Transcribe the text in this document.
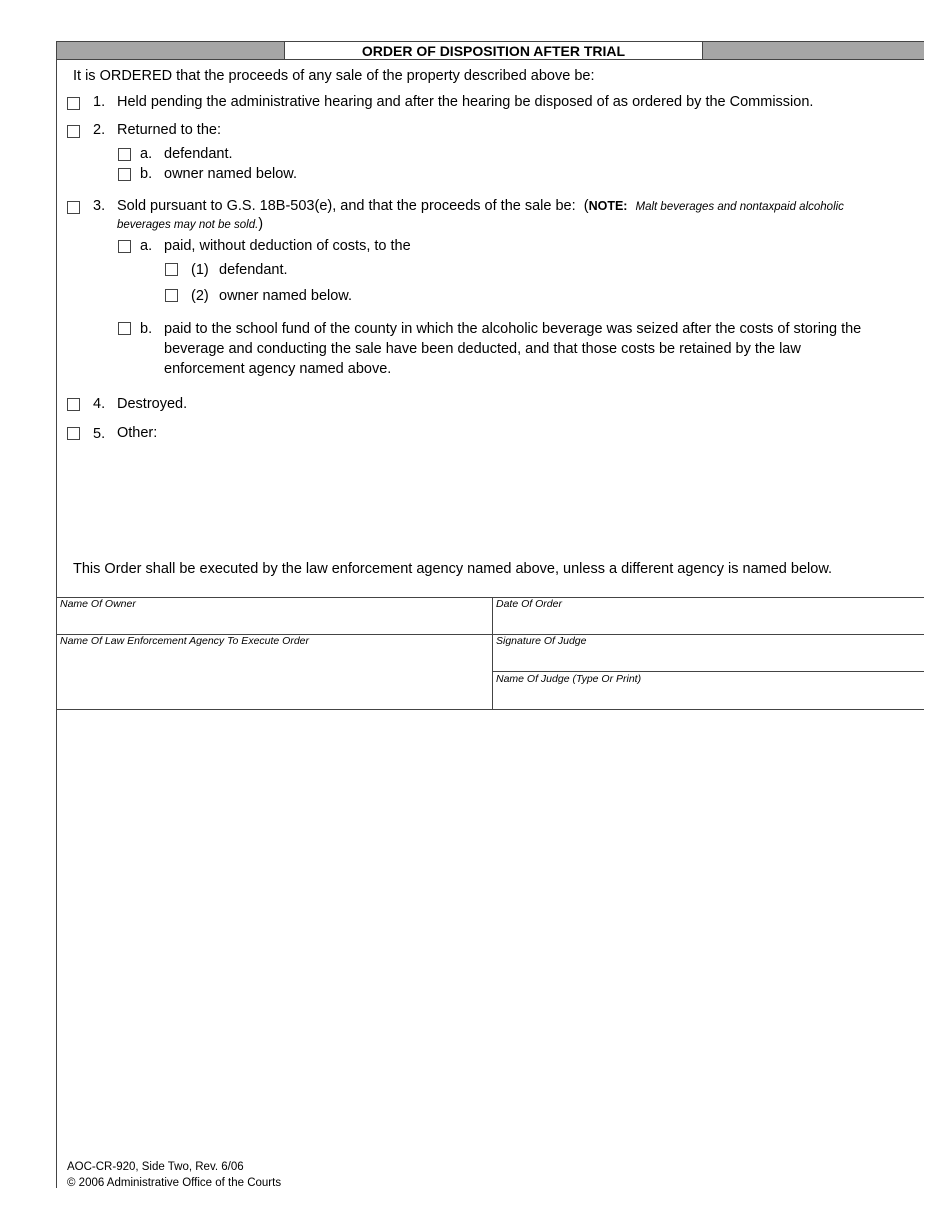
ORDER OF DISPOSITION AFTER TRIAL
It is ORDERED that the proceeds of any sale of the property described above be:
1. Held pending the administrative hearing and after the hearing be disposed of as ordered by the Commission.
2. Returned to the:
a. defendant.
b. owner named below.
3. Sold pursuant to G.S. 18B-503(e), and that the proceeds of the sale be: (NOTE: Malt beverages and nontaxpaid alcoholic
beverages may not be sold.)
a. paid, without deduction of costs, to the
(1) defendant.
(2) owner named below.
b. paid to the school fund of the county in which the alcoholic beverage was seized after the costs of storing the
beverage and conducting the sale have been deducted, and that those costs be retained by the law
enforcement agency named above.
4. Destroyed.
5. Other:
This Order shall be executed by the law enforcement agency named above, unless a different agency is named below.
Name Of Owner	Date Of Order
Name Of Law Enforcement Agency To Execute Order	Signature Of Judge
Name Of Judge (Type Or Print)
AOC-CR-920, Side Two, Rev. 6/06
© 2006 Administrative Office of the Courts
